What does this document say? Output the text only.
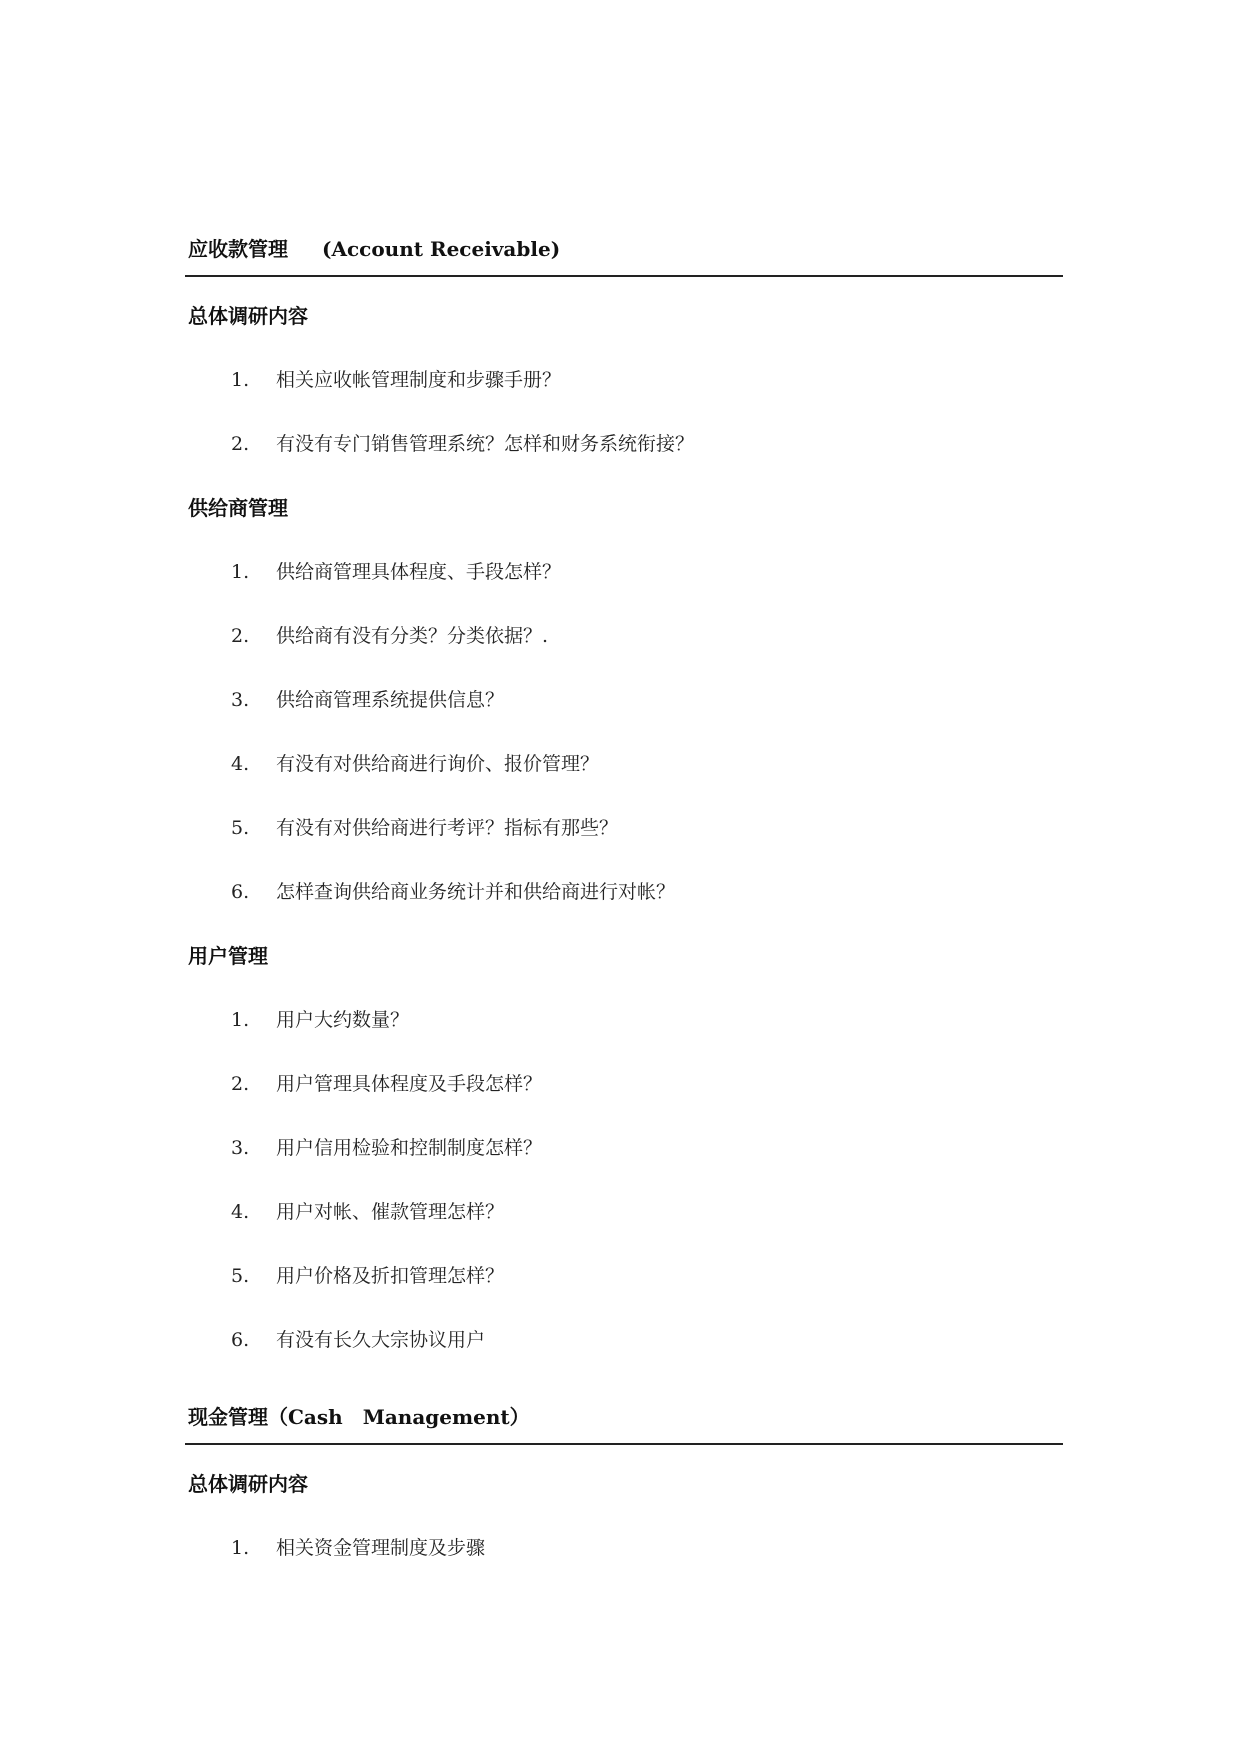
应收款管理 (Account Receivable)
总体调研内容
1. 相关应收帐管理制度和步骤手册？
2. 有没有专门销售管理系统？怎样和财务系统衔接？
供给商管理
1. 供给商管理具体程度、手段怎样？
2. 供给商有没有分类？分类依据？.
3. 供给商管理系统提供信息？
4. 有没有对供给商进行询价、报价管理？
5. 有没有对供给商进行考评？指标有那些？
6. 怎样查询供给商业务统计并和供给商进行对帐？
用户管理
1. 用户大约数量？
2. 用户管理具体程度及手段怎样？
3. 用户信用检验和控制制度怎样？
4. 用户对帐、催款管理怎样？
5. 用户价格及折扣管理怎样？
6. 有没有长久大宗协议用户
现金管理（Cash Management）
总体调研内容
1. 相关资金管理制度及步骤
